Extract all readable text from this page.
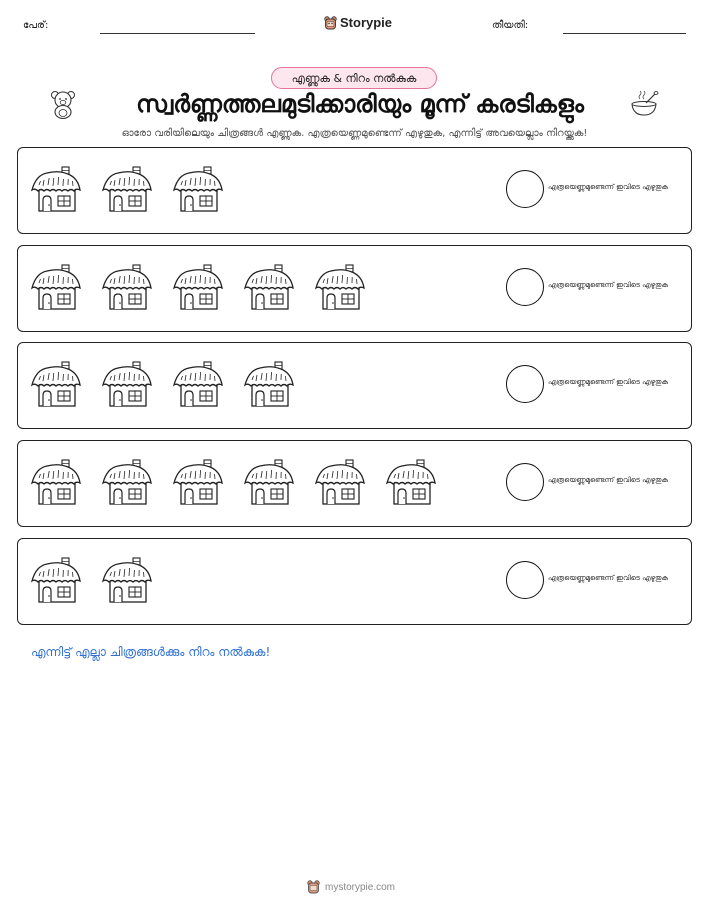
പേര്:	Storypie	തീയതി:
എണ്ണുക & നിറം നൽകുക
സ്വർണ്ണത്തലമുടിക്കാരിയും മൂന്ന് കരടികളും
ഓരോ വരിയിലെയും ചിത്രങ്ങൾ എണ്ണുക. എത്രയെണ്ണമുണ്ടെന്ന് എഴുതുക, എന്നിട്ട് അവയെല്ലാം നിറയ്ക്കുക!
എത്രയെണ്ണമുണ്ടെന്ന് ഇവിടെ എഴുതുക
എത്രയെണ്ണമുണ്ടെന്ന് ഇവിടെ എഴുതുക
എത്രയെണ്ണമുണ്ടെന്ന് ഇവിടെ എഴുതുക
എത്രയെണ്ണമുണ്ടെന്ന് ഇവിടെ എഴുതുക
എത്രയെണ്ണമുണ്ടെന്ന് ഇവിടെ എഴുതുക
എന്നിട്ട് എല്ലാ ചിത്രങ്ങൾക്കും നിറം നൽകുക!
mystorypie.com
